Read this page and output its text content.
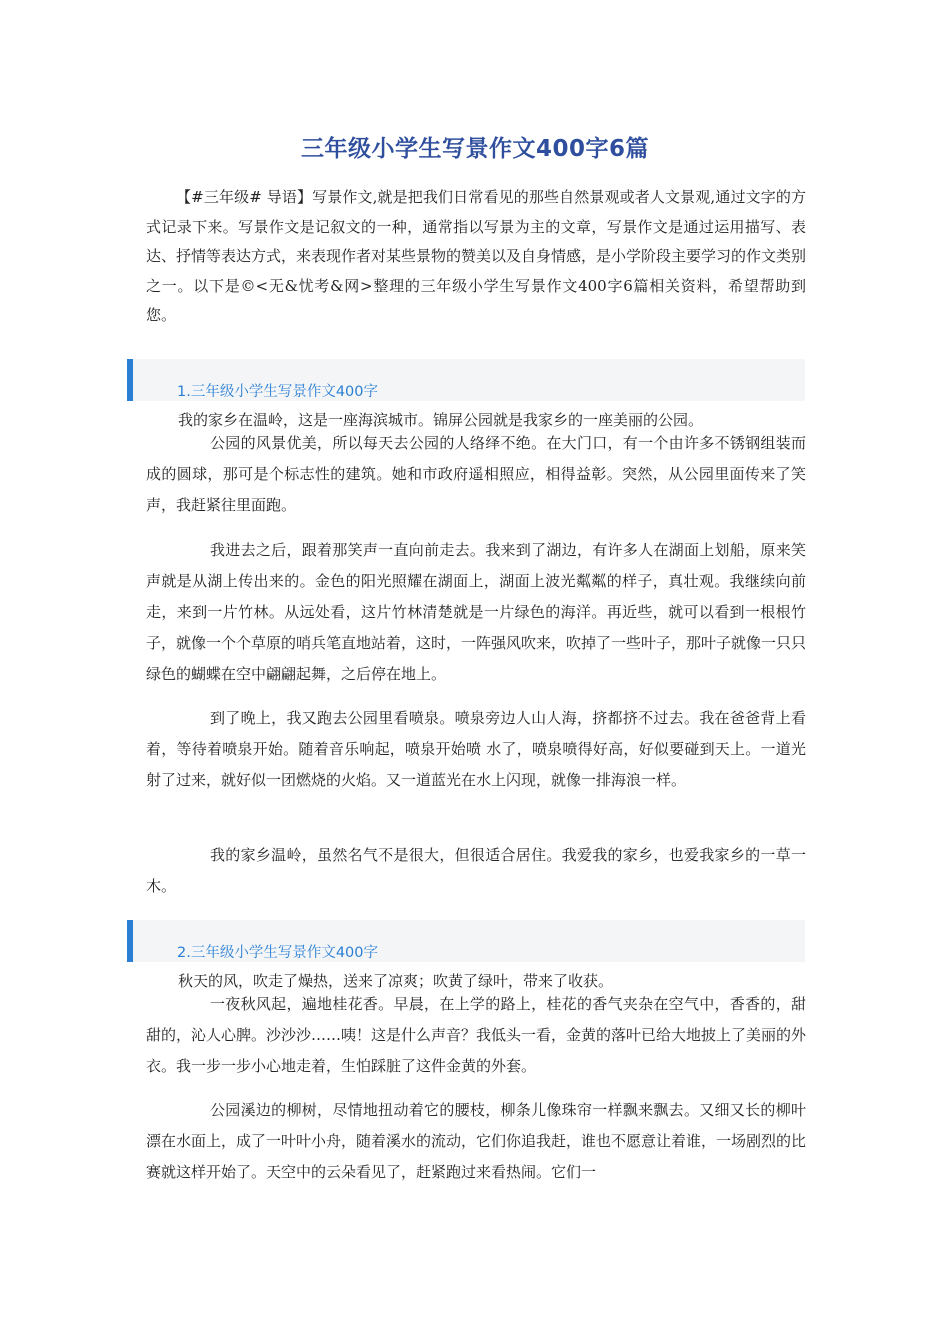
三年级小学生写景作文400字6篇

【#三年级# 导语】写景作文,就是把我们日常看见的那些自然景观或者人文景观,通过文字的方式记录下来。写景作文是记叙文的一种，通常指以写景为主的文章，写景作文是通过运用描写、表达、抒情等表达方式，来表现作者对某些景物的赞美以及自身情感，是小学阶段主要学习的作文类别之一。以下是©<无&忧考&网>整理的三年级小学生写景作文400字6篇相关资料，希望帮助到您。

1.三年级小学生写景作文400字

我的家乡在温岭，这是一座海滨城市。锦屏公园就是我家乡的一座美丽的公园。

公园的风景优美，所以每天去公园的人络绎不绝。在大门口，有一个由许多不锈钢组装而成的圆球，那可是个标志性的建筑。她和市政府遥相照应，相得益彰。突然，从公园里面传来了笑声，我赶紧往里面跑。

我进去之后，跟着那笑声一直向前走去。我来到了湖边，有许多人在湖面上划船，原来笑声就是从湖上传出来的。金色的阳光照耀在湖面上，湖面上波光粼粼的样子，真壮观。我继续向前走，来到一片竹林。从远处看，这片竹林清楚就是一片绿色的海洋。再近些，就可以看到一根根竹子，就像一个个草原的哨兵笔直地站着，这时，一阵强风吹来，吹掉了一些叶子，那叶子就像一只只绿色的蝴蝶在空中翩翩起舞，之后停在地上。

到了晚上，我又跑去公园里看喷泉。喷泉旁边人山人海，挤都挤不过去。我在爸爸背上看着，等待着喷泉开始。随着音乐响起，喷泉开始喷 水了，喷泉喷得好高，好似要碰到天上。一道光射了过来，就好似一团燃烧的火焰。又一道蓝光在水上闪现，就像一排海浪一样。

我的家乡温岭，虽然名气不是很大，但很适合居住。我爱我的家乡，也爱我家乡的一草一木。

2.三年级小学生写景作文400字

秋天的风，吹走了燥热，送来了凉爽；吹黄了绿叶，带来了收获。

一夜秋风起，遍地桂花香。早晨，在上学的路上，桂花的香气夹杂在空气中，香香的，甜甜的，沁人心脾。沙沙沙……咦！这是什么声音？我低头一看，金黄的落叶已给大地披上了美丽的外衣。我一步一步小心地走着，生怕踩脏了这件金黄的外套。

公园溪边的柳树，尽情地扭动着它的腰枝，柳条儿像珠帘一样飘来飘去。又细又长的柳叶漂在水面上，成了一叶叶小舟，随着溪水的流动，它们你追我赶，谁也不愿意让着谁，一场剧烈的比赛就这样开始了。天空中的云朵看见了，赶紧跑过来看热闹。它们一
